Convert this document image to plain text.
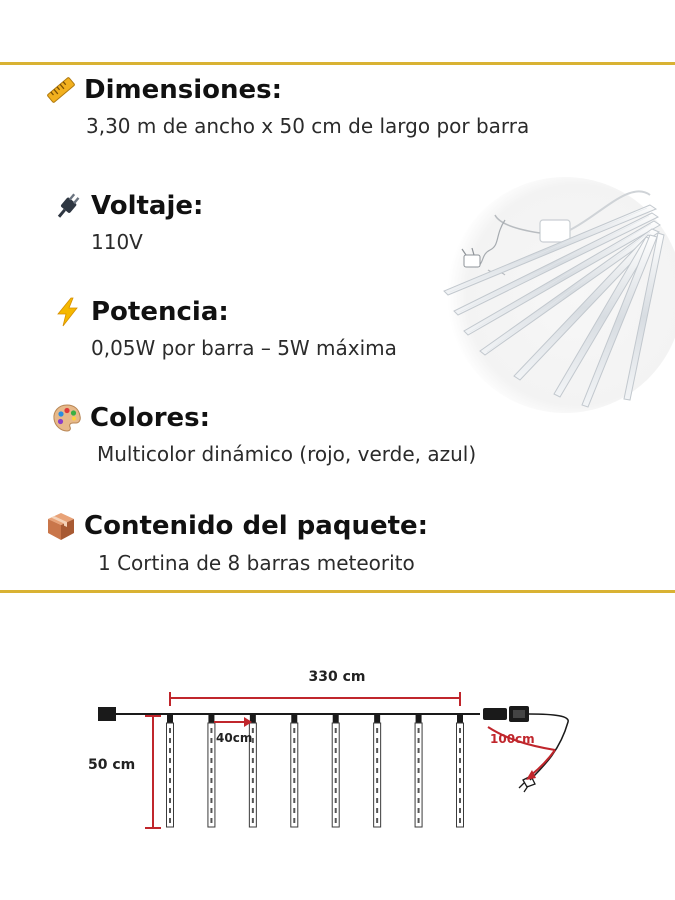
Dimensiones:
3,30 m de ancho x 50 cm de largo por barra
Voltaje:
110V
Potencia:
0,05W por barra – 5W máxima
Colores:
Multicolor dinámico (rojo, verde, azul)
Contenido del paquete:
1 Cortina de 8 barras meteorito
330 cm
100cm
40cm
50 cm
